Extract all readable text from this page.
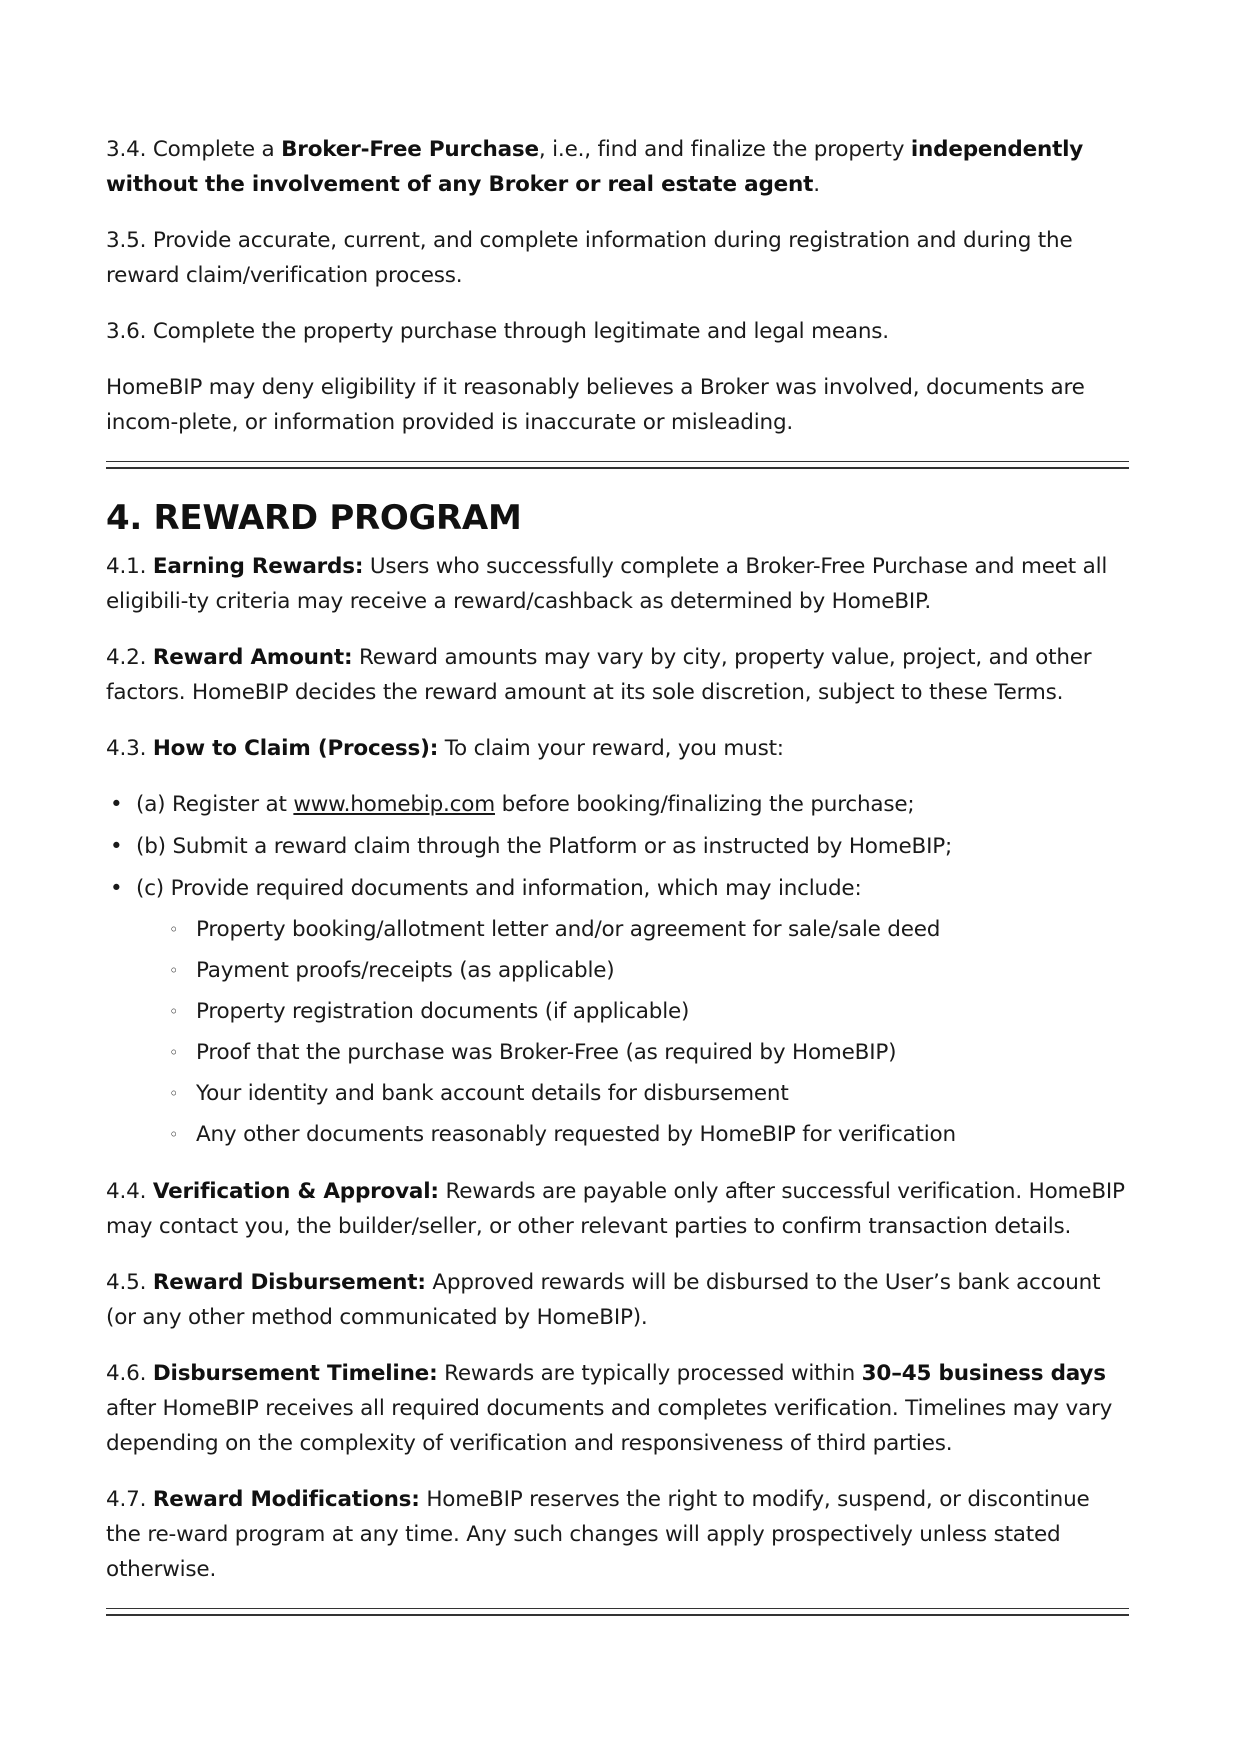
3.4. Complete a Broker-Free Purchase, i.e., find and finalize the property independently without the involvement of any Broker or real estate agent.

3.5. Provide accurate, current, and complete information during registration and during the reward claim/verification process.

3.6. Complete the property purchase through legitimate and legal means.

HomeBIP may deny eligibility if it reasonably believes a Broker was involved, documents are incom-plete, or information provided is inaccurate or misleading.

4. REWARD PROGRAM

4.1. Earning Rewards: Users who successfully complete a Broker-Free Purchase and meet all eligibili-ty criteria may receive a reward/cashback as determined by HomeBIP.

4.2. Reward Amount: Reward amounts may vary by city, property value, project, and other factors. HomeBIP decides the reward amount at its sole discretion, subject to these Terms.

4.3. How to Claim (Process): To claim your reward, you must:

• (a) Register at www.homebip.com before booking/finalizing the purchase;
• (b) Submit a reward claim through the Platform or as instructed by HomeBIP;
• (c) Provide required documents and information, which may include:
◦ Property booking/allotment letter and/or agreement for sale/sale deed
◦ Payment proofs/receipts (as applicable)
◦ Property registration documents (if applicable)
◦ Proof that the purchase was Broker-Free (as required by HomeBIP)
◦ Your identity and bank account details for disbursement
◦ Any other documents reasonably requested by HomeBIP for verification

4.4. Verification & Approval: Rewards are payable only after successful verification. HomeBIP may contact you, the builder/seller, or other relevant parties to confirm transaction details.

4.5. Reward Disbursement: Approved rewards will be disbursed to the User’s bank account (or any other method communicated by HomeBIP).

4.6. Disbursement Timeline: Rewards are typically processed within 30–45 business days after HomeBIP receives all required documents and completes verification. Timelines may vary depending on the complexity of verification and responsiveness of third parties.

4.7. Reward Modifications: HomeBIP reserves the right to modify, suspend, or discontinue the re-ward program at any time. Any such changes will apply prospectively unless stated otherwise.
